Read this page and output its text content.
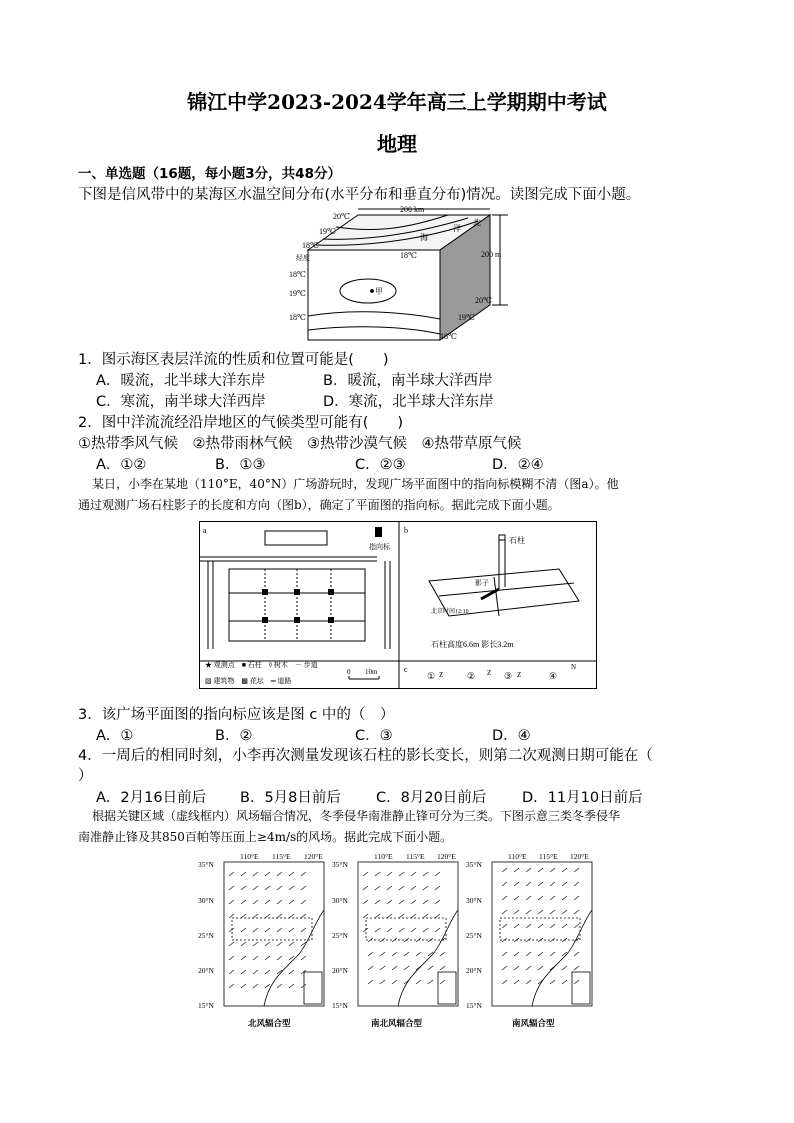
锦江中学2023-2024学年高三上学期期中考试
地理
一、单选题（16题，每小题3分，共48分）
下图是信风带中的某海区水温空间分布(水平分布和垂直分布)情况。读图完成下面小题。
200 km
200 m
20℃
19℃
18℃
经度
18℃
19℃
18℃
20℃
19℃
18℃
甲
北
洋
海
18℃
1．图示海区表层洋流的性质和位置可能是(　　)
A．暖流，北半球大洋东岸	B．暖流，南半球大洋西岸
C．寒流，南半球大洋西岸	D．寒流，北半球大洋东岸
2．图中洋流流经沿岸地区的气候类型可能有(　　)
①热带季风气候　②热带雨林气候　③热带沙漠气候　④热带草原气候
A．①②	B．①③	C．②③	D．②④
某日，小李在某地（110°E，40°N）广场游玩时，发现广场平面图中的指向标模糊不清（图a）。他
通过观测广场石柱影子的长度和方向（图b），确定了平面图的指向标。据此完成下面小题。
a	b
c
指向标
石柱
影子
北京时间12:10
石柱高度6.6m 影长3.2m
★ 观测点　■ 石柱　◊ 树木　－ 步道
▨ 建筑物　▩ 花坛　═ 道路
0 10m	① Z	② Z ③ Z	④
N
3．该广场平面图的指向标应该是图 c 中的（　）
A．①	B．②	C．③	D．④
4．一周后的相同时刻，小李再次测量发现该石柱的影长变长，则第二次观测日期可能在（
）
A．2月16日前后 B．5月8日前后 C．8月20日前后 D．11月10日前后
根据关键区域（虚线框内）风场辐合情况，冬季侵华南准静止锋可分为三类。下图示意三类冬季侵华
南准静止锋及其850百帕等压面上≥4m/s的风场。据此完成下面小题。
110°E 115°E 120°E
35°N
30°N
25°N
20°N
15°N
110°E 115°E 120°E
35°N
30°N
25°N
20°N
15°N
110°E 115°E 120°E
35°N
30°N
25°N
20°N
15°N
北风辐合型	南北风辐合型	南风辐合型
